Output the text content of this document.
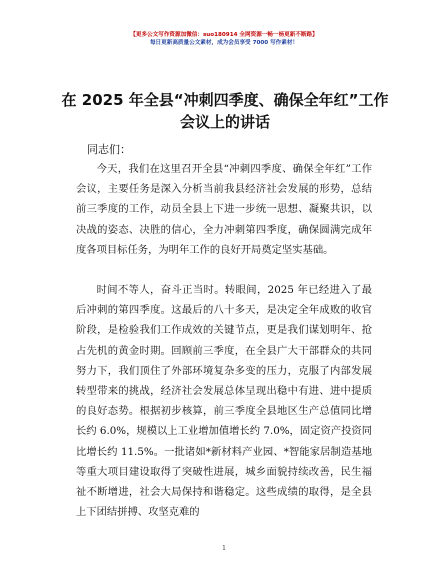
【更多公文写作资源加微信：suo180914 全网资源一畅一杨更新不断路】
每日更新高质量公文素材，成为会员享受 7000 写作素材！
在 2025 年全县“冲刺四季度、确保全年红”工作会议上的讲话
同志们：

今天，我们在这里召开全县“冲刺四季度、确保全年红”工作会议，主要任务是深入分析当前我县经济社会发展的形势，总结前三季度的工作，动员全县上下进一步统一思想、凝聚共识，以决战的姿态、决胜的信心，全力冲刺第四季度，确保圆满完成年度各项目标任务，为明年工作的良好开局奠定坚实基础。

时间不等人，奋斗正当时。转眼间，2025 年已经进入了最后冲刺的第四季度。这最后的八十多天，是决定全年成败的收官阶段，是检验我们工作成效的关键节点，更是我们谋划明年、抢占先机的黄金时期。回顾前三季度，在全县广大干部群众的共同努力下，我们顶住了外部环境复杂多变的压力，克服了内部发展转型带来的挑战，经济社会发展总体呈现出稳中有进、进中提质的良好态势。根据初步核算，前三季度全县地区生产总值同比增长约 6.0%，规模以上工业增加值增长约 7.0%，固定资产投资同比增长约 11.5%。一批诸如*新材料产业园、*智能家居制造基地等重大项目建设取得了突破性进展，城乡面貌持续改善，民生福祉不断增进，社会大局保持和谐稳定。这些成绩的取得，是全县上下团结拼搏、攻坚克难的

1
